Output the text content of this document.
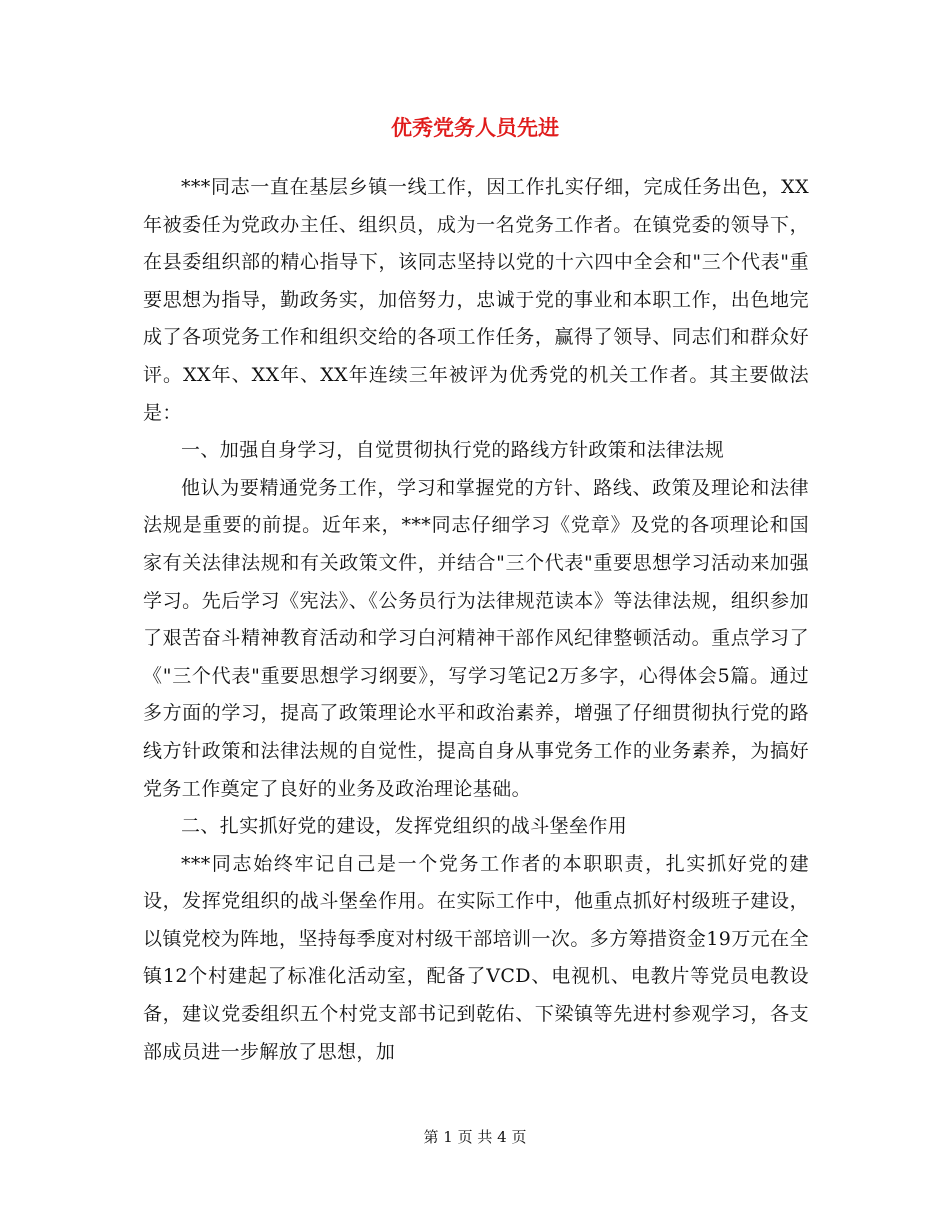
优秀党务人员先进

***同志一直在基层乡镇一线工作，因工作扎实仔细，完成任务出色，XX年被委任为党政办主任、组织员，成为一名党务工作者。在镇党委的领导下，在县委组织部的精心指导下，该同志坚持以党的十六四中全会和"三个代表"重要思想为指导，勤政务实，加倍努力，忠诚于党的事业和本职工作，出色地完成了各项党务工作和组织交给的各项工作任务，赢得了领导、同志们和群众好评。XX年、XX年、XX年连续三年被评为优秀党的机关工作者。其主要做法是：

一、加强自身学习，自觉贯彻执行党的路线方针政策和法律法规

他认为要精通党务工作，学习和掌握党的方针、路线、政策及理论和法律法规是重要的前提。近年来，***同志仔细学习《党章》及党的各项理论和国家有关法律法规和有关政策文件，并结合"三个代表"重要思想学习活动来加强学习。先后学习《宪法》、《公务员行为法律规范读本》等法律法规，组织参加了艰苦奋斗精神教育活动和学习白河精神干部作风纪律整顿活动。重点学习了《"三个代表"重要思想学习纲要》，写学习笔记2万多字，心得体会5篇。通过多方面的学习，提高了政策理论水平和政治素养，增强了仔细贯彻执行党的路线方针政策和法律法规的自觉性，提高自身从事党务工作的业务素养，为搞好党务工作奠定了良好的业务及政治理论基础。

二、扎实抓好党的建设，发挥党组织的战斗堡垒作用

***同志始终牢记自己是一个党务工作者的本职职责，扎实抓好党的建设，发挥党组织的战斗堡垒作用。在实际工作中，他重点抓好村级班子建设，以镇党校为阵地，坚持每季度对村级干部培训一次。多方筹措资金19万元在全镇12个村建起了标准化活动室，配备了VCD、电视机、电教片等党员电教设备，建议党委组织五个村党支部书记到乾佑、下梁镇等先进村参观学习，各支部成员进一步解放了思想，加

第 1 页 共 4 页
